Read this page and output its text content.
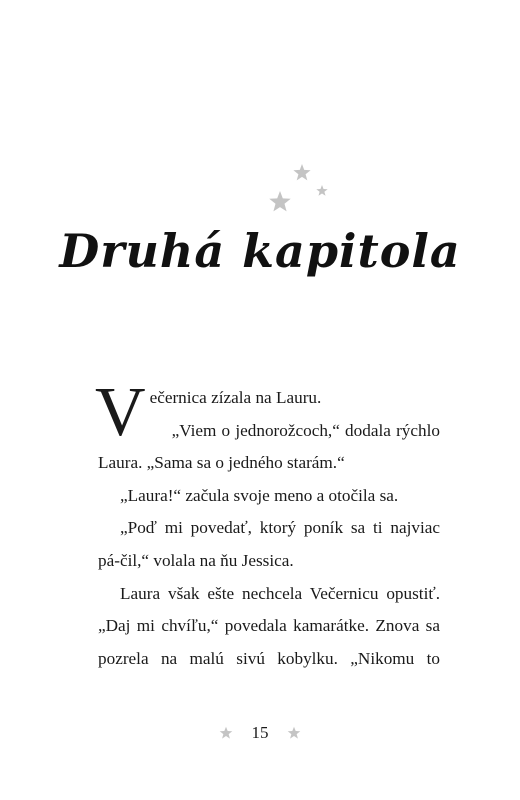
Druhá kapitola

Večernica zízala na Lauru.

„Viem o jednorožcoch,“ dodala rýchlo Laura. „Sama sa o jedného starám.“

„Laura!“ začula svoje meno a otočila sa.

„Poď mi povedať, ktorý poník sa ti najviac pá-čil,“ volala na ňu Jessica.

Laura však ešte nechcela Večernicu opustiť. „Daj mi chvíľu,“ povedala kamarátke. Znova sa pozrela na malú sivú kobylku. „Nikomu to

15
